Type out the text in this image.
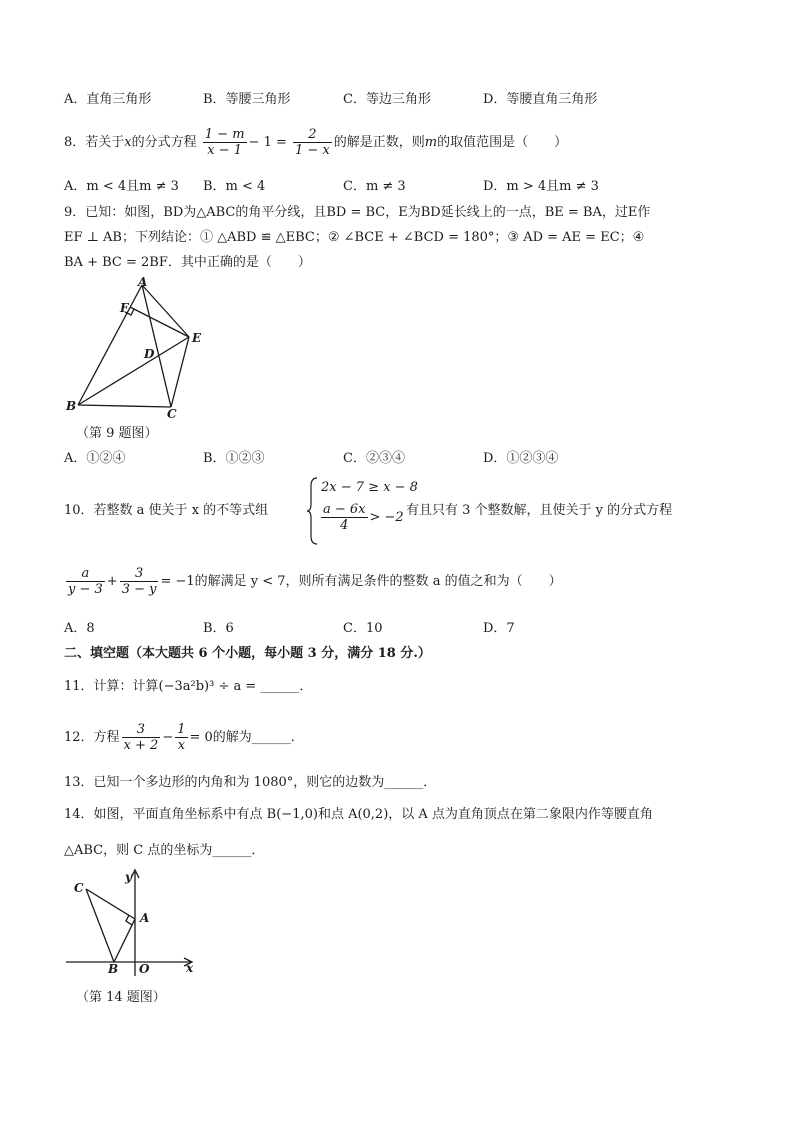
A．直角三角形	B．等腰三角形	C．等边三角形	D．等腰直角三角形
8．若关于x的分式方程 $\frac{1 - m}{x - 1} - 1 = \frac{2}{1 - x}$ 的解是正数，则m的取值范围是（　　）
A．m < 4且m ≠ 3 B．m < 4	C．m ≠ 3	D．m > 4且m ≠ 3
9．已知：如图，BD为△ABC的角平分线，且BD = BC，E为BD延长线上的一点，BE = BA，过E作
EF ⊥ AB；下列结论：① △ABD ≌ △EBC；② ∠BCE + ∠BCD = 180°；③ AD = AE = EC；④
BA + BC = 2BF．其中正确的是（　　）
A
F
E
D
B
C
（第 9 题图）
A．①②④	B．①②③	C．②③④	D．①②③④
10．若整数 a 使关于 x 的不等式组
2x − 7 ≥ x − 8
$\frac{a - 6x}{4} > -2$ 有且只有 3 个整数解，且使关于 y 的分式方程
$\frac{a}{y - 3} + \frac{3}{3 - y} = -1$的解满足 y < 7，则所有满足条件的整数 a 的值之和为（　　）
A．8	B．6	C．10	D．7
二、填空题（本大题共 6 个小题，每小题 3 分，满分 18 分.）
11．计算：计算(−3a²b)³ ÷ a = ______．
12．方程 $\frac{3}{x + 2} - \frac{1}{x} = 0$的解为______．
13．已知一个多边形的内角和为 1080°，则它的边数为______．
14．如图，平面直角坐标系中有点 B(−1,0)和点 A(0,2)，以 A 点为直角顶点在第二象限内作等腰直角
△ABC，则 C 点的坐标为______．
C
y
A
B O	x
（第 14 题图）
